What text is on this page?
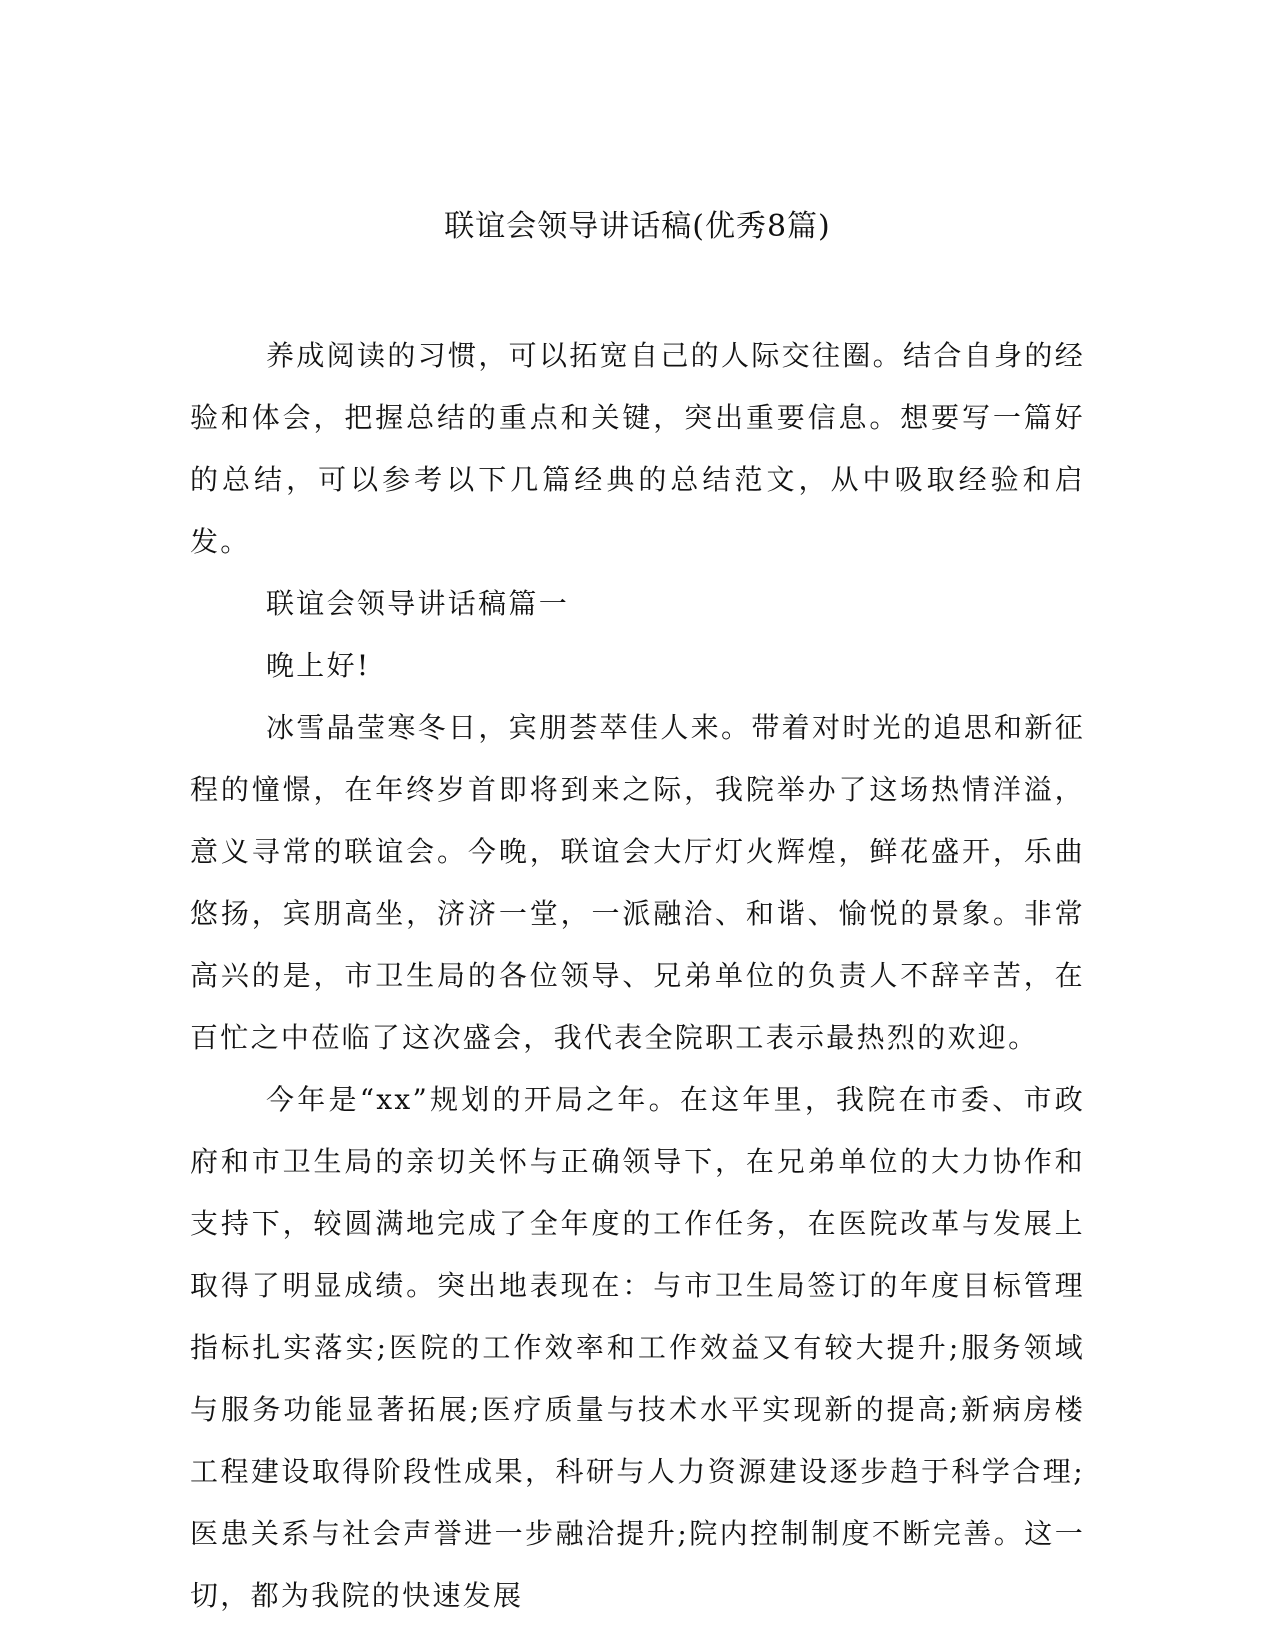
联谊会领导讲话稿(优秀8篇)

养成阅读的习惯，可以拓宽自己的人际交往圈。结合自身的经验和体会，把握总结的重点和关键，突出重要信息。想要写一篇好的总结，可以参考以下几篇经典的总结范文，从中吸取经验和启发。

联谊会领导讲话稿篇一

晚上好!

冰雪晶莹寒冬日，宾朋荟萃佳人来。带着对时光的追思和新征程的憧憬，在年终岁首即将到来之际，我院举办了这场热情洋溢，意义寻常的联谊会。今晚，联谊会大厅灯火辉煌，鲜花盛开，乐曲悠扬，宾朋高坐，济济一堂，一派融洽、和谐、愉悦的景象。非常高兴的是，市卫生局的各位领导、兄弟单位的负责人不辞辛苦，在百忙之中莅临了这次盛会，我代表全院职工表示最热烈的欢迎。

今年是“xx”规划的开局之年。在这年里，我院在市委、市政府和市卫生局的亲切关怀与正确领导下，在兄弟单位的大力协作和支持下，较圆满地完成了全年度的工作任务，在医院改革与发展上取得了明显成绩。突出地表现在：与市卫生局签订的年度目标管理指标扎实落实;医院的工作效率和工作效益又有较大提升;服务领域与服务功能显著拓展;医疗质量与技术水平实现新的提高;新病房楼工程建设取得阶段性成果，科研与人力资源建设逐步趋于科学合理;医患关系与社会声誉进一步融洽提升;院内控制制度不断完善。这一切，都为我院的快速发展
